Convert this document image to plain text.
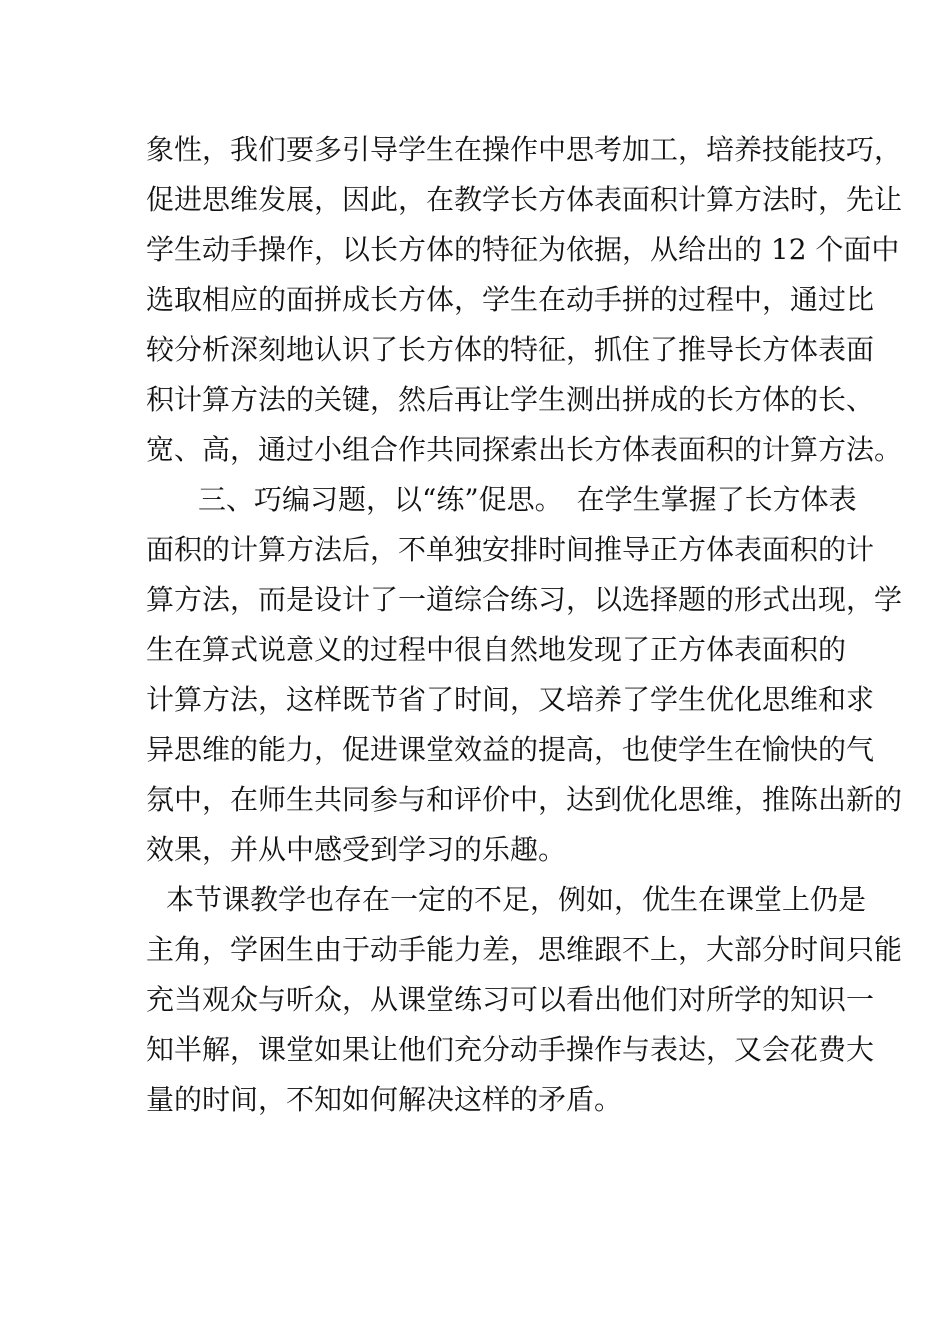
象性，我们要多引导学生在操作中思考加工，培养技能技巧，
促进思维发展，因此，在教学长方体表面积计算方法时，先让
学生动手操作，以长方体的特征为依据，从给出的 12 个面中
选取相应的面拼成长方体，学生在动手拼的过程中，通过比
较分析深刻地认识了长方体的特征，抓住了推导长方体表面
积计算方法的关键，然后再让学生测出拼成的长方体的长、
宽、高，通过小组合作共同探索出长方体表面积的计算方法。
三、巧编习题，以“练”促思。　在学生掌握了长方体表
面积的计算方法后，不单独安排时间推导正方体表面积的计
算方法，而是设计了一道综合练习，以选择题的形式出现，学
生在算式说意义的过程中很自然地发现了正方体表面积的
计算方法，这样既节省了时间，又培养了学生优化思维和求
异思维的能力，促进课堂效益的提高，也使学生在愉快的气
氛中，在师生共同参与和评价中，达到优化思维，推陈出新的
效果，并从中感受到学习的乐趣。
本节课教学也存在一定的不足，例如，优生在课堂上仍是
主角，学困生由于动手能力差，思维跟不上，大部分时间只能
充当观众与听众，从课堂练习可以看出他们对所学的知识一
知半解，课堂如果让他们充分动手操作与表达，又会花费大
量的时间，不知如何解决这样的矛盾。
